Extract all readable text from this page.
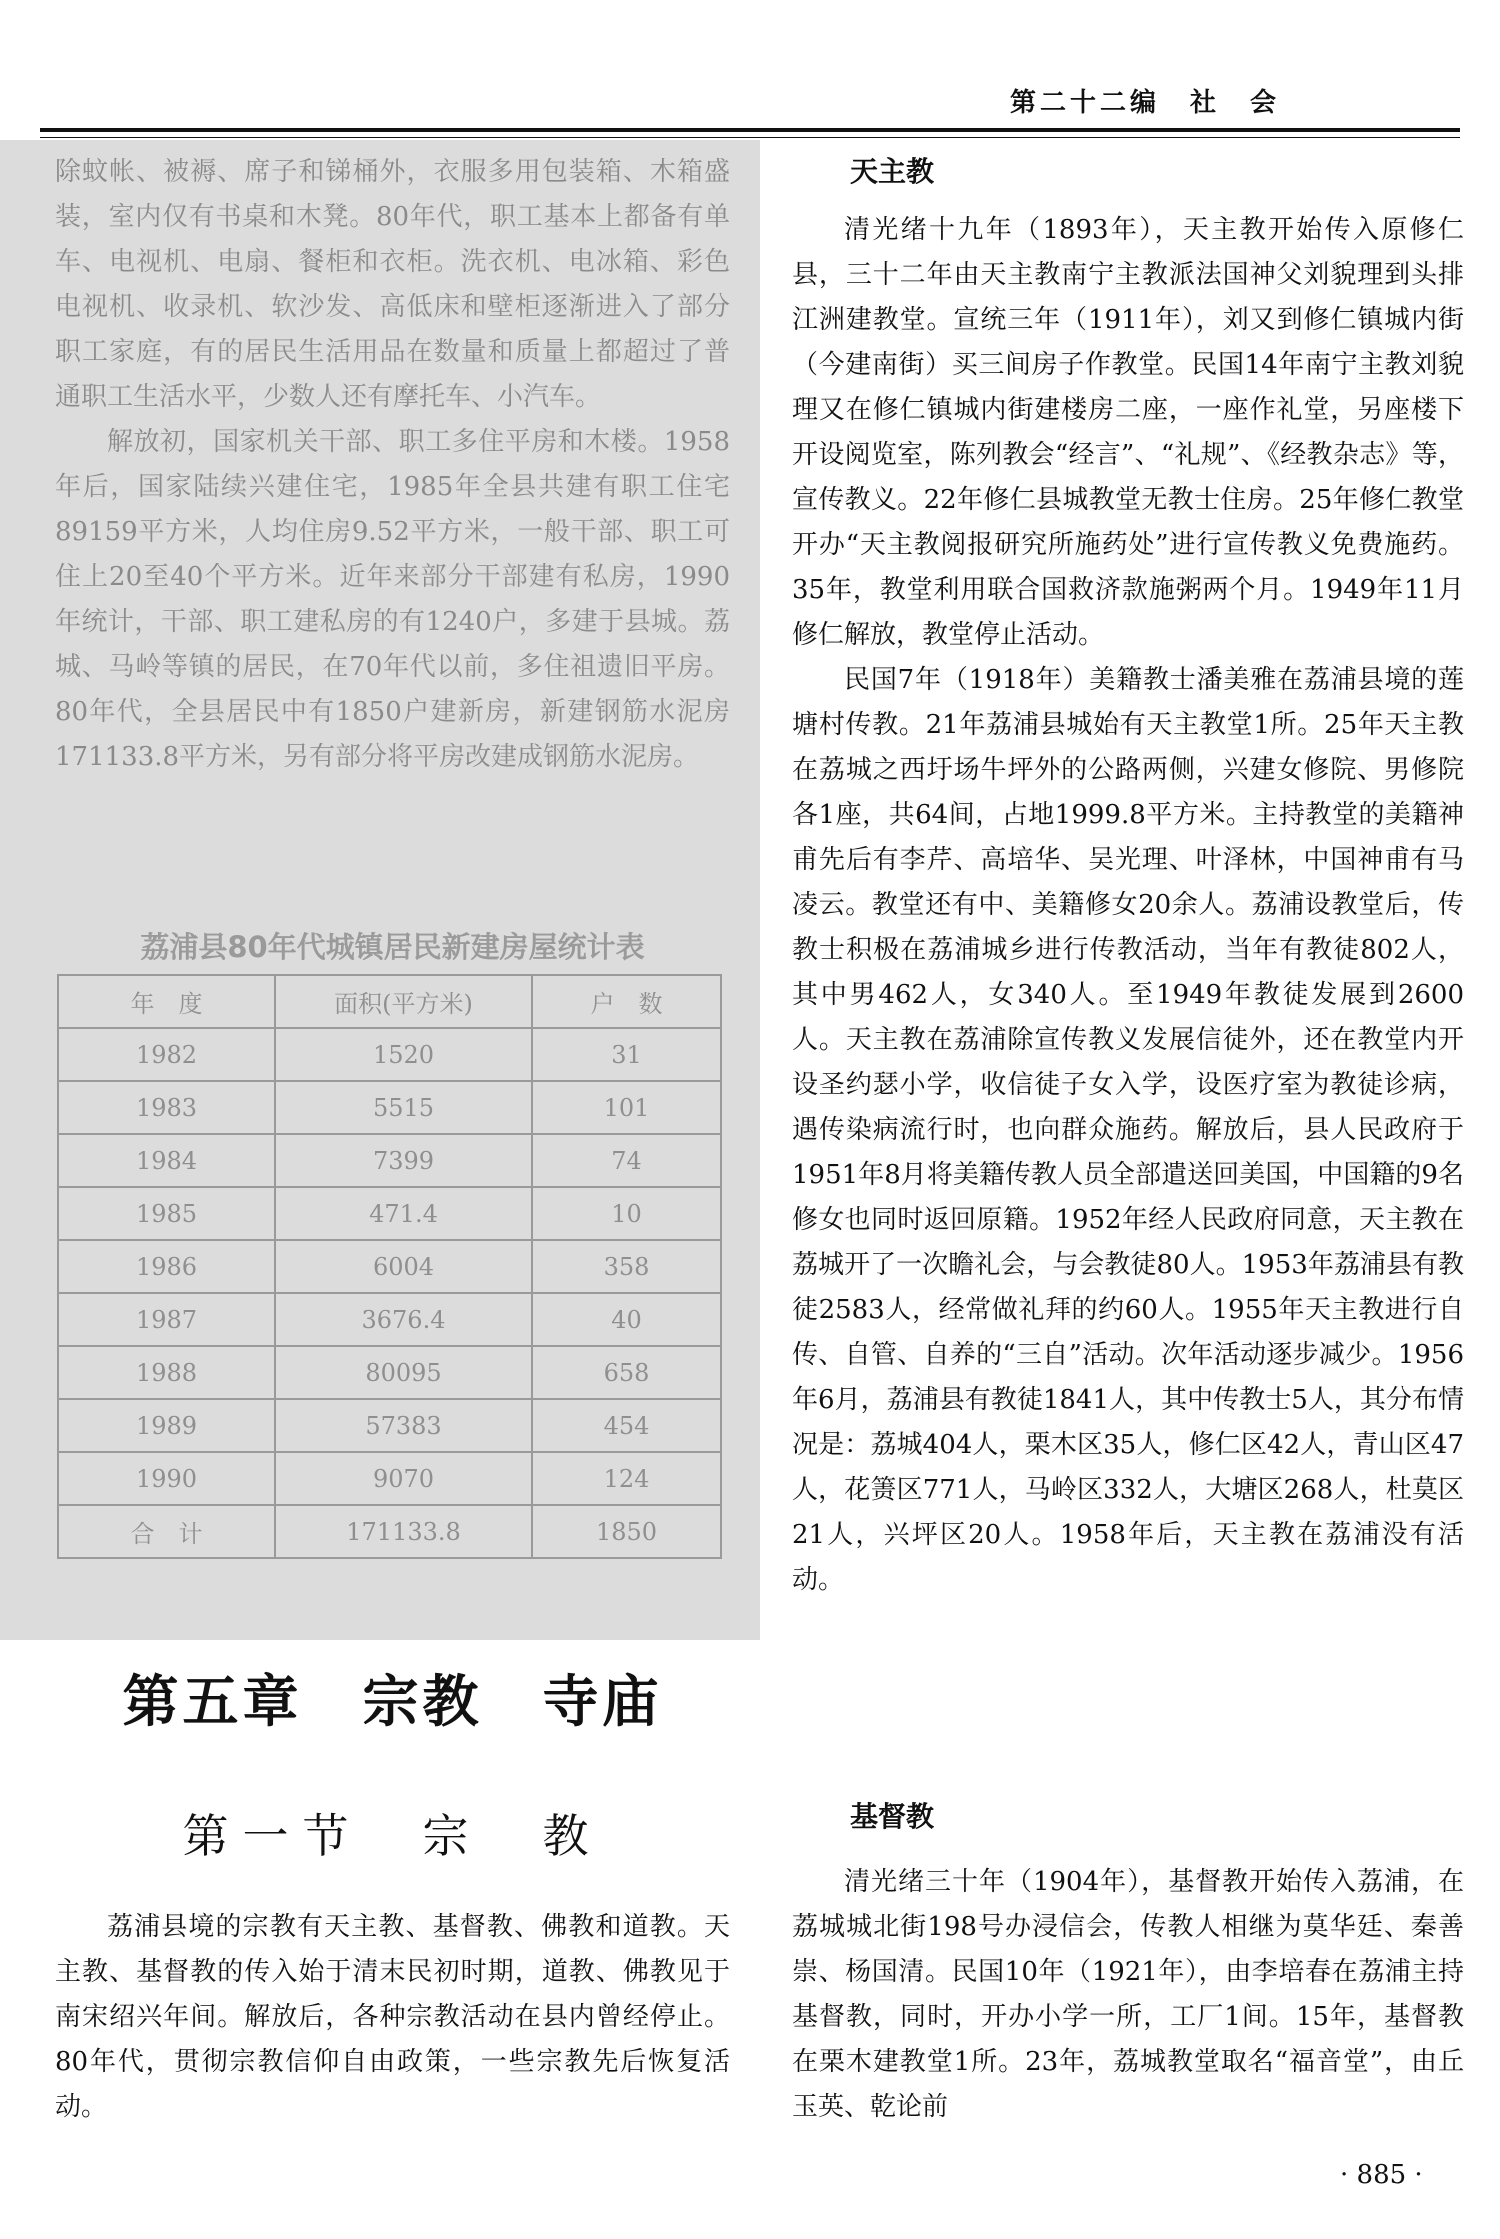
第二十二编　社　会

除蚊帐、被褥、席子和锑桶外，衣服多用包装箱、木箱盛装，室内仅有书桌和木凳。80年代，职工基本上都备有单车、电视机、电扇、餐柜和衣柜。洗衣机、电冰箱、彩色电视机、收录机、软沙发、高低床和壁柜逐渐进入了部分职工家庭，有的居民生活用品在数量和质量上都超过了普通职工生活水平，少数人还有摩托车、小汽车。

解放初，国家机关干部、职工多住平房和木楼。1958年后，国家陆续兴建住宅，1985年全县共建有职工住宅89159平方米，人均住房9.52平方米，一般干部、职工可住上20至40个平方米。近年来部分干部建有私房，1990年统计，干部、职工建私房的有1240户，多建于县城。荔城、马岭等镇的居民，在70年代以前，多住祖遗旧平房。80年代，全县居民中有1850户建新房，新建钢筋水泥房171133.8平方米，另有部分将平房改建成钢筋水泥房。

荔浦县80年代城镇居民新建房屋统计表
年　度	面积(平方米)	户　数
1982	1520	31
1983	5515	101
1984	7399	74
1985	471.4	10
1986	6004	358
1987	3676.4	40
1988	80095	658
1989	57383	454
1990	9070	124
合　计	171133.8	1850
第五章　宗教　寺庙
第一节　宗　教

荔浦县境的宗教有天主教、基督教、佛教和道教。天主教、基督教的传入始于清末民初时期，道教、佛教见于南宋绍兴年间。解放后，各种宗教活动在县内曾经停止。80年代，贯彻宗教信仰自由政策，一些宗教先后恢复活动。

天主教

清光绪十九年（1893年），天主教开始传入原修仁县，三十二年由天主教南宁主教派法国神父刘貌理到头排江洲建教堂。宣统三年（1911年），刘又到修仁镇城内街（今建南街）买三间房子作教堂。民国14年南宁主教刘貌理又在修仁镇城内街建楼房二座，一座作礼堂，另座楼下开设阅览室，陈列教会“经言”、“礼规”、《经教杂志》等，宣传教义。22年修仁县城教堂无教士住房。25年修仁教堂开办“天主教阅报研究所施药处”进行宣传教义免费施药。35年，教堂利用联合国救济款施粥两个月。1949年11月修仁解放，教堂停止活动。

民国7年（1918年）美籍教士潘美雅在荔浦县境的莲塘村传教。21年荔浦县城始有天主教堂1所。25年天主教在荔城之西圩场牛坪外的公路两侧，兴建女修院、男修院各1座，共64间，占地1999.8平方米。主持教堂的美籍神甫先后有李芹、高培华、吴光理、叶泽林，中国神甫有马凌云。教堂还有中、美籍修女20余人。荔浦设教堂后，传教士积极在荔浦城乡进行传教活动，当年有教徒802人，其中男462人，女340人。至1949年教徒发展到2600人。天主教在荔浦除宣传教义发展信徒外，还在教堂内开设圣约瑟小学，收信徒子女入学，设医疗室为教徒诊病，遇传染病流行时，也向群众施药。解放后，县人民政府于1951年8月将美籍传教人员全部遣送回美国，中国籍的9名修女也同时返回原籍。1952年经人民政府同意，天主教在荔城开了一次瞻礼会，与会教徒80人。1953年荔浦县有教徒2583人，经常做礼拜的约60人。1955年天主教进行自传、自管、自养的“三自”活动。次年活动逐步减少。1956年6月，荔浦县有教徒1841人，其中传教士5人，其分布情况是：荔城404人，栗木区35人，修仁区42人，青山区47人，花箦区771人，马岭区332人，大塘区268人，杜莫区21人，兴坪区20人。1958年后，天主教在荔浦没有活动。

基督教

清光绪三十年（1904年），基督教开始传入荔浦，在荔城城北街198号办浸信会，传教人相继为莫华廷、秦善崇、杨国清。民国10年（1921年），由李培春在荔浦主持基督教，同时，开办小学一所，工厂1间。15年，基督教在栗木建教堂1所。23年，荔城教堂取名“福音堂”，由丘玉英、乾论前

· 885 ·
